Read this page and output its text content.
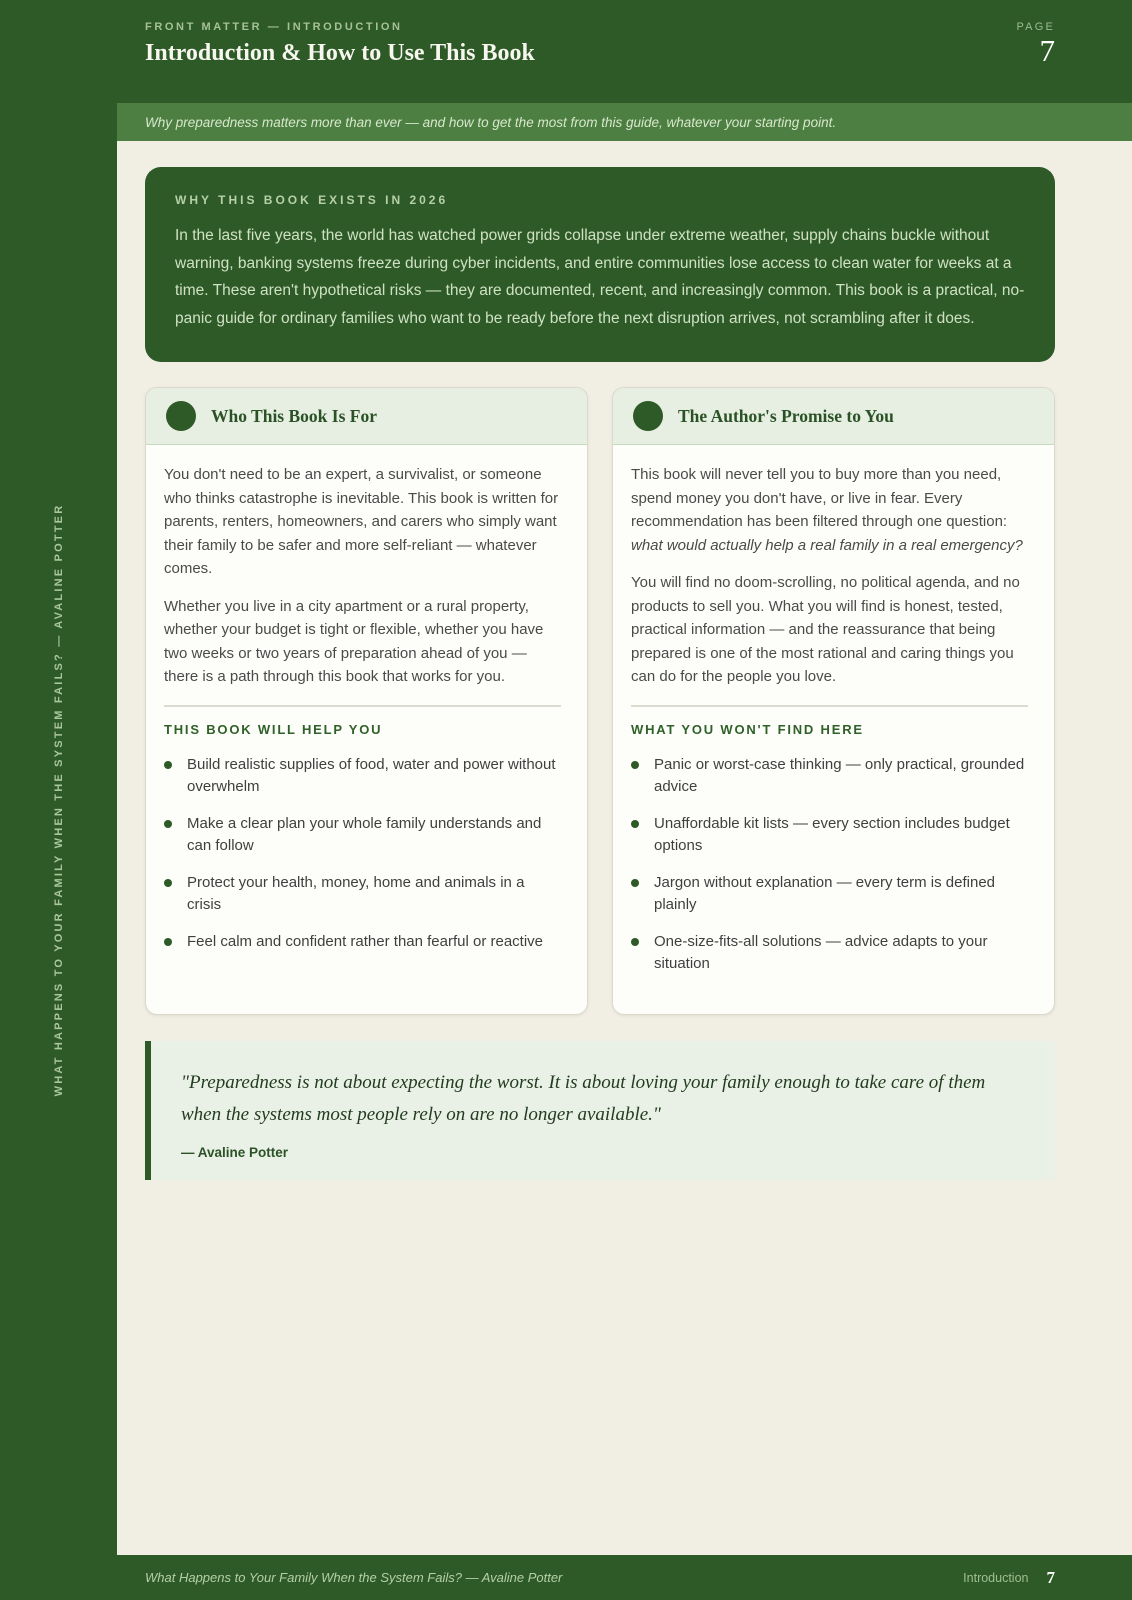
WHAT HAPPENS TO YOUR FAMILY WHEN THE SYSTEM FAILS? — AVALINE POTTER
FRONT MATTER — INTRODUCTION
Introduction & How to Use This Book
PAGE
7
Why preparedness matters more than ever — and how to get the most from this guide, whatever your starting point.
WHY THIS BOOK EXISTS IN 2026

In the last five years, the world has watched power grids collapse under extreme weather, supply chains buckle without warning, banking systems freeze during cyber incidents, and entire communities lose access to clean water for weeks at a time. These aren't hypothetical risks — they are documented, recent, and increasingly common. This book is a practical, no-panic guide for ordinary families who want to be ready before the next disruption arrives, not scrambling after it does.

Who This Book Is For

You don't need to be an expert, a survivalist, or someone who thinks catastrophe is inevitable. This book is written for parents, renters, homeowners, and carers who simply want their family to be safer and more self-reliant — whatever comes.

Whether you live in a city apartment or a rural property, whether your budget is tight or flexible, whether you have two weeks or two years of preparation ahead of you — there is a path through this book that works for you.

THIS BOOK WILL HELP YOU
Build realistic supplies of food, water and power without overwhelm
Make a clear plan your whole family understands and can follow
Protect your health, money, home and animals in a crisis
Feel calm and confident rather than fearful or reactive
The Author's Promise to You

This book will never tell you to buy more than you need, spend money you don't have, or live in fear. Every recommendation has been filtered through one question: what would actually help a real family in a real emergency?

You will find no doom-scrolling, no political agenda, and no products to sell you. What you will find is honest, tested, practical information — and the reassurance that being prepared is one of the most rational and caring things you can do for the people you love.

WHAT YOU WON'T FIND HERE
Panic or worst-case thinking — only practical, grounded advice
Unaffordable kit lists — every section includes budget options
Jargon without explanation — every term is defined plainly
One-size-fits-all solutions — advice adapts to your situation

"Preparedness is not about expecting the worst. It is about loving your family enough to take care of them when the systems most people rely on are no longer available."

— Avaline Potter
What Happens to Your Family When the System Fails? — Avaline Potter	Introduction 7
